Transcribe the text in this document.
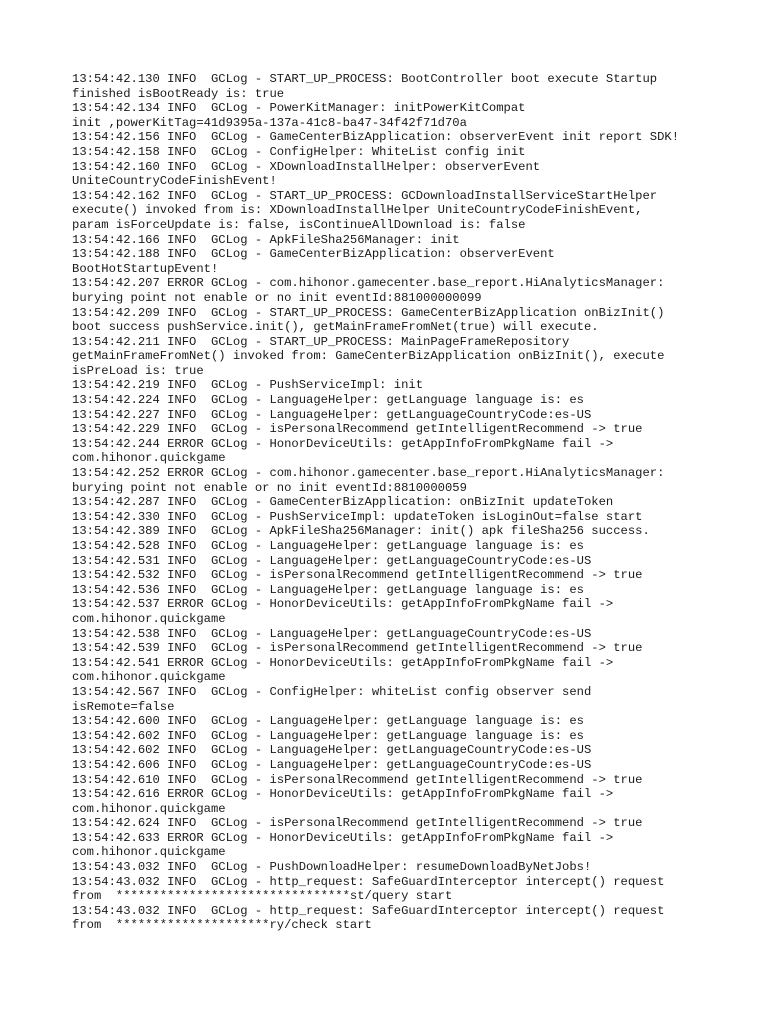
13:54:42.130 INFO  GCLog - START_UP_PROCESS: BootController boot execute Startup
finished isBootReady is: true
13:54:42.134 INFO  GCLog - PowerKitManager: initPowerKitCompat
init ,powerKitTag=41d9395a-137a-41c8-ba47-34f42f71d70a
13:54:42.156 INFO  GCLog - GameCenterBizApplication: observerEvent init report SDK!
13:54:42.158 INFO  GCLog - ConfigHelper: WhiteList config init
13:54:42.160 INFO  GCLog - XDownloadInstallHelper: observerEvent
UniteCountryCodeFinishEvent!
13:54:42.162 INFO  GCLog - START_UP_PROCESS: GCDownloadInstallServiceStartHelper
execute() invoked from is: XDownloadInstallHelper UniteCountryCodeFinishEvent,
param isForceUpdate is: false, isContinueAllDownload is: false
13:54:42.166 INFO  GCLog - ApkFileSha256Manager: init
13:54:42.188 INFO  GCLog - GameCenterBizApplication: observerEvent
BootHotStartupEvent!
13:54:42.207 ERROR GCLog - com.hihonor.gamecenter.base_report.HiAnalyticsManager:
burying point not enable or no init eventId:881000000099
13:54:42.209 INFO  GCLog - START_UP_PROCESS: GameCenterBizApplication onBizInit()
boot success pushService.init(), getMainFrameFromNet(true) will execute.
13:54:42.211 INFO  GCLog - START_UP_PROCESS: MainPageFrameRepository
getMainFrameFromNet() invoked from: GameCenterBizApplication onBizInit(), execute
isPreLoad is: true
13:54:42.219 INFO  GCLog - PushServiceImpl: init
13:54:42.224 INFO  GCLog - LanguageHelper: getLanguage language is: es
13:54:42.227 INFO  GCLog - LanguageHelper: getLanguageCountryCode:es-US
13:54:42.229 INFO  GCLog - isPersonalRecommend getIntelligentRecommend -> true
13:54:42.244 ERROR GCLog - HonorDeviceUtils: getAppInfoFromPkgName fail ->
com.hihonor.quickgame
13:54:42.252 ERROR GCLog - com.hihonor.gamecenter.base_report.HiAnalyticsManager:
burying point not enable or no init eventId:8810000059
13:54:42.287 INFO  GCLog - GameCenterBizApplication: onBizInit updateToken
13:54:42.330 INFO  GCLog - PushServiceImpl: updateToken isLoginOut=false start
13:54:42.389 INFO  GCLog - ApkFileSha256Manager: init() apk fileSha256 success.
13:54:42.528 INFO  GCLog - LanguageHelper: getLanguage language is: es
13:54:42.531 INFO  GCLog - LanguageHelper: getLanguageCountryCode:es-US
13:54:42.532 INFO  GCLog - isPersonalRecommend getIntelligentRecommend -> true
13:54:42.536 INFO  GCLog - LanguageHelper: getLanguage language is: es
13:54:42.537 ERROR GCLog - HonorDeviceUtils: getAppInfoFromPkgName fail ->
com.hihonor.quickgame
13:54:42.538 INFO  GCLog - LanguageHelper: getLanguageCountryCode:es-US
13:54:42.539 INFO  GCLog - isPersonalRecommend getIntelligentRecommend -> true
13:54:42.541 ERROR GCLog - HonorDeviceUtils: getAppInfoFromPkgName fail ->
com.hihonor.quickgame
13:54:42.567 INFO  GCLog - ConfigHelper: whiteList config observer send
isRemote=false
13:54:42.600 INFO  GCLog - LanguageHelper: getLanguage language is: es
13:54:42.602 INFO  GCLog - LanguageHelper: getLanguage language is: es
13:54:42.602 INFO  GCLog - LanguageHelper: getLanguageCountryCode:es-US
13:54:42.606 INFO  GCLog - LanguageHelper: getLanguageCountryCode:es-US
13:54:42.610 INFO  GCLog - isPersonalRecommend getIntelligentRecommend -> true
13:54:42.616 ERROR GCLog - HonorDeviceUtils: getAppInfoFromPkgName fail ->
com.hihonor.quickgame
13:54:42.624 INFO  GCLog - isPersonalRecommend getIntelligentRecommend -> true
13:54:42.633 ERROR GCLog - HonorDeviceUtils: getAppInfoFromPkgName fail ->
com.hihonor.quickgame
13:54:43.032 INFO  GCLog - PushDownloadHelper: resumeDownloadByNetJobs!
13:54:43.032 INFO  GCLog - http_request: SafeGuardInterceptor intercept() request
from  ********************************st/query start
13:54:43.032 INFO  GCLog - http_request: SafeGuardInterceptor intercept() request
from  *********************ry/check start
